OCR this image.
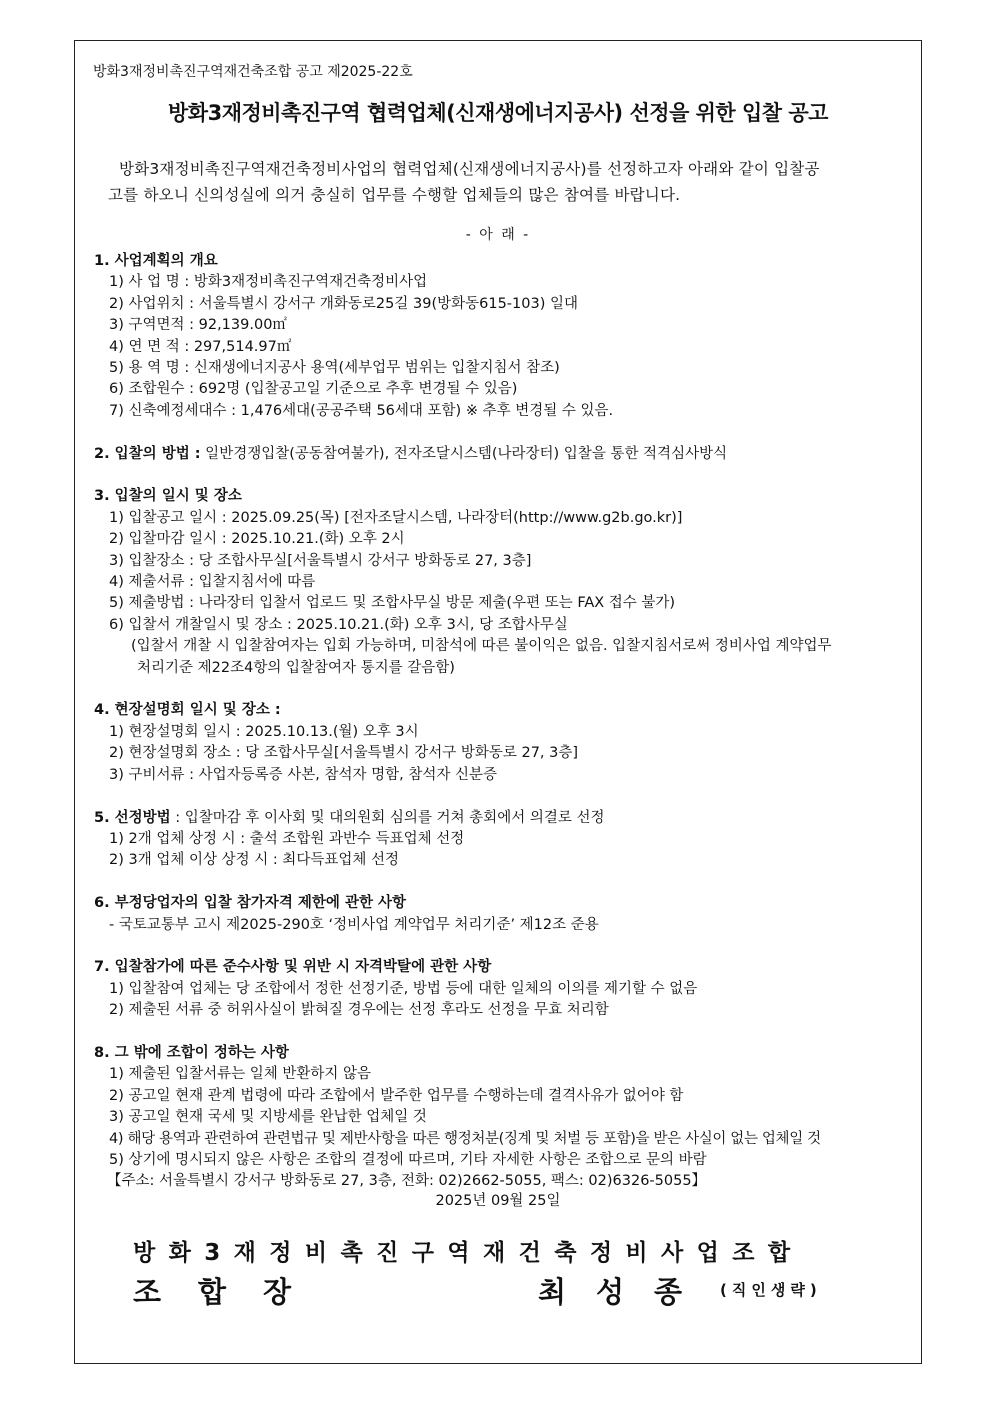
방화3재정비촉진구역재건축조합 공고 제2025-22호
방화3재정비촉진구역 협력업체(신재생에너지공사) 선정을 위한 입찰 공고
방화3재정비촉진구역재건축정비사업의 협력업체(신재생에너지공사)를 선정하고자 아래와 같이 입찰공
고를 하오니 신의성실에 의거 충실히 업무를 수행할 업체들의 많은 참여를 바랍니다.
- 아 래 -
1. 사업계획의 개요
1) 사 업 명 : 방화3재정비촉진구역재건축정비사업
2) 사업위치 : 서울특별시 강서구 개화동로25길 39(방화동615-103) 일대
3) 구역면적 : 92,139.00㎡
4) 연 면 적 : 297,514.97㎡
5) 용 역 명 : 신재생에너지공사 용역(세부업무 범위는 입찰지침서 참조)
6) 조합원수 : 692명 (입찰공고일 기준으로 추후 변경될 수 있음)
7) 신축예정세대수 : 1,476세대(공공주택 56세대 포함) ※ 추후 변경될 수 있음.
2. 입찰의 방법 : 일반경쟁입찰(공동참여불가), 전자조달시스템(나라장터) 입찰을 통한 적격심사방식
3. 입찰의 일시 및 장소
1) 입찰공고 일시 : 2025.09.25(목) [전자조달시스템, 나라장터(http://www.g2b.go.kr)]
2) 입찰마감 일시 : 2025.10.21.(화) 오후 2시
3) 입찰장소 : 당 조합사무실[서울특별시 강서구 방화동로 27, 3층]
4) 제출서류 : 입찰지침서에 따름
5) 제출방법 : 나라장터 입찰서 업로드 및 조합사무실 방문 제출(우편 또는 FAX 접수 불가)
6) 입찰서 개찰일시 및 장소 : 2025.10.21.(화) 오후 3시, 당 조합사무실
(입찰서 개찰 시 입찰참여자는 입회 가능하며, 미참석에 따른 불이익은 없음. 입찰지침서로써 정비사업 계약업무
처리기준 제22조4항의 입찰참여자 통지를 갈음함)
4. 현장설명회 일시 및 장소 :
1) 현장설명회 일시 : 2025.10.13.(월) 오후 3시
2) 현장설명회 장소 : 당 조합사무실[서울특별시 강서구 방화동로 27, 3층]
3) 구비서류 : 사업자등록증 사본, 참석자 명함, 참석자 신분증
5. 선정방법 : 입찰마감 후 이사회 및 대의원회 심의를 거쳐 총회에서 의결로 선정
1) 2개 업체 상정 시 : 출석 조합원 과반수 득표업체 선정
2) 3개 업체 이상 상정 시 : 최다득표업체 선정
6. 부정당업자의 입찰 참가자격 제한에 관한 사항
- 국토교통부 고시 제2025-290호 ‘정비사업 계약업무 처리기준’ 제12조 준용
7. 입찰참가에 따른 준수사항 및 위반 시 자격박탈에 관한 사항
1) 입찰참여 업체는 당 조합에서 정한 선정기준, 방법 등에 대한 일체의 이의를 제기할 수 없음
2) 제출된 서류 중 허위사실이 밝혀질 경우에는 선정 후라도 선정을 무효 처리함
8. 그 밖에 조합이 정하는 사항
1) 제출된 입찰서류는 일체 반환하지 않음
2) 공고일 현재 관계 법령에 따라 조합에서 발주한 업무를 수행하는데 결격사유가 없어야 함
3) 공고일 현재 국세 및 지방세를 완납한 업체일 것
4) 해당 용역과 관련하여 관련법규 및 제반사항을 따른 행정처분(징계 및 처벌 등 포함)을 받은 사실이 없는 업체일 것
5) 상기에 명시되지 않은 사항은 조합의 결정에 따르며, 기타 자세한 사항은 조합으로 문의 바람
【주소: 서울특별시 강서구 방화동로 27, 3층, 전화: 02)2662-5055, 팩스: 02)6326-5055】
2025년 09월 25일
방화3재정비촉진구역재건축정비사업조합
조합장	최성종 (직인생략)
